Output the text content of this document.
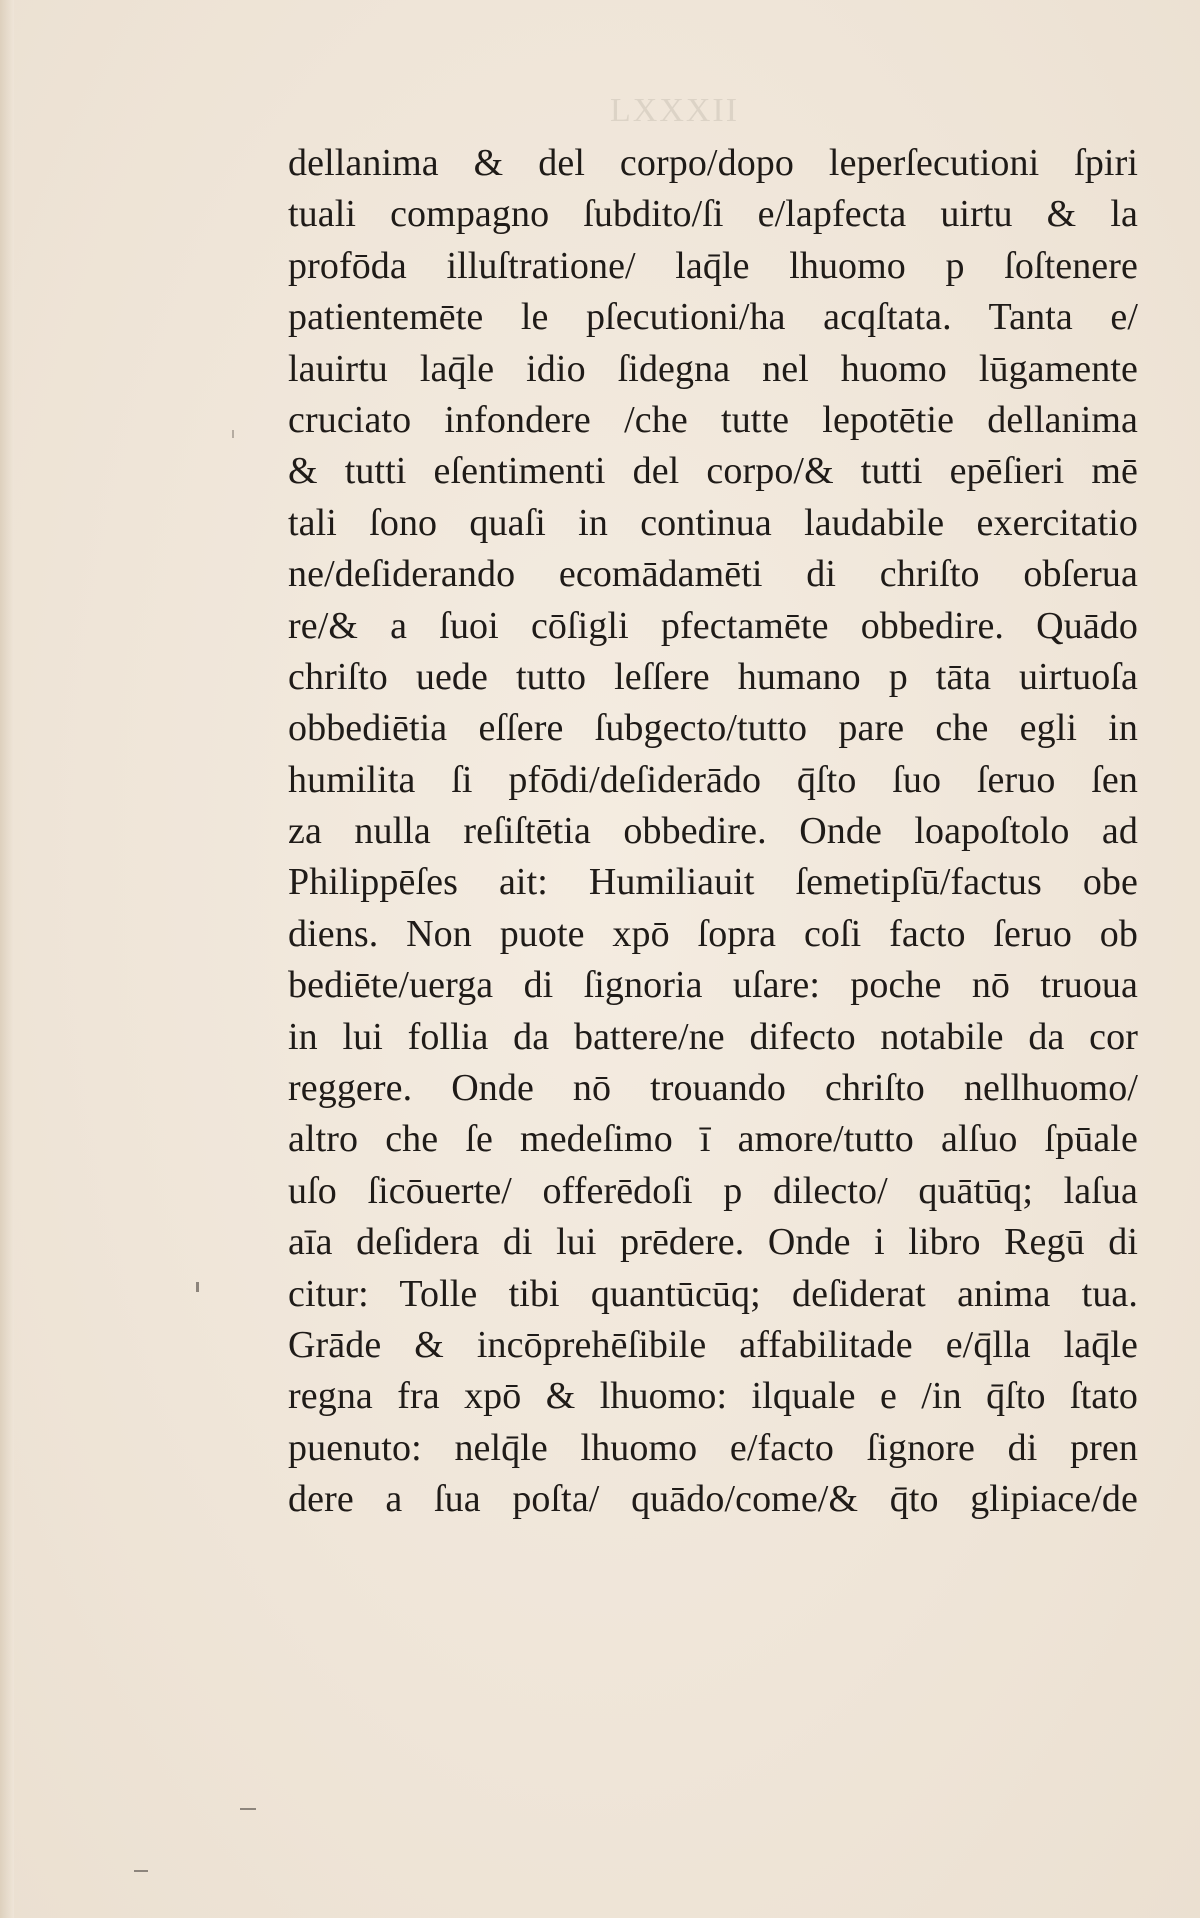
LXXXII
dellanima & del corpo/dopo leperſecutioni ſpiri
tuali compagno ſubdito/ſi e/lapfecta uirtu & la
profōda illuſtratione/ laq̄le lhuomo p ſoſtenere
patientemēte le pſecutioni/ha acqſtata. Tanta e/
lauirtu laq̄le idio ſidegna nel huomo lūgamente
cruciato infondere /che tutte lepotētie dellanima
& tutti eſentimenti del corpo/& tutti epēſieri mē
tali ſono quaſi in continua laudabile exercitatio
ne/deſiderando ecomādamēti di chriſto obſerua
re/& a ſuoi cōſigli pfectamēte obbedire. Quādo
chriſto uede tutto leſſere humano p tāta uirtuoſa
obbediētia eſſere ſubgecto/tutto pare che egli in
humilita ſi pfōdi/deſiderādo q̄ſto ſuo ſeruo ſen
za nulla reſiſtētia obbedire. Onde loapoſtolo ad
Philippēſes ait: Humiliauit ſemetipſū/factus obe
diens. Non puote xpō ſopra coſi facto ſeruo ob
bediēte/uerga di ſignoria uſare: poche nō truoua
in lui follia da battere/ne difecto notabile da cor
reggere. Onde nō trouando chriſto nellhuomo/
altro che ſe medeſimo ī amore/tutto alſuo ſpūale
uſo ſicōuerte/ offerēdoſi p dilecto/ quātūq; laſua
aīa deſidera di lui prēdere. Onde i libro Regū di
citur: Tolle tibi quantūcūq; deſiderat anima tua.
Grāde & incōprehēſibile affabilitade e/q̄lla laq̄le
regna fra xpō & lhuomo: ilquale e /in q̄ſto ſtato
puenuto: nelq̄le lhuomo e/facto ſignore di pren
dere a ſua poſta/ quādo/come/& q̄to glipiace/de
